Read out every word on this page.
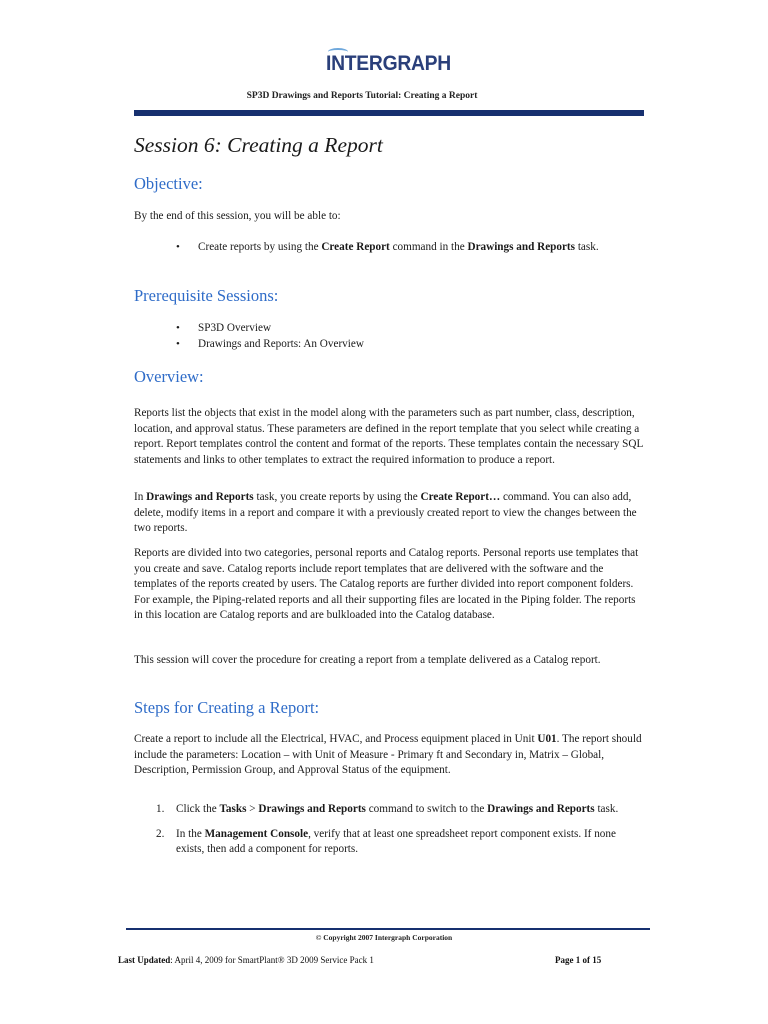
INTERGRAPH
SP3D Drawings and Reports Tutorial: Creating a Report
Session 6: Creating a Report
Objective:

By the end of this session, you will be able to:

• Create reports by using the Create Report command in the Drawings and Reports task.
Prerequisite Sessions:
• SP3D Overview
• Drawings and Reports: An Overview
Overview:

Reports list the objects that exist in the model along with the parameters such as part number, class, description, location, and approval status. These parameters are defined in the report template that you select while creating a report. Report templates control the content and format of the reports. These templates contain the necessary SQL statements and links to other templates to extract the required information to produce a report.

In Drawings and Reports task, you create reports by using the Create Report… command. You can also add, delete, modify items in a report and compare it with a previously created report to view the changes between the two reports.

Reports are divided into two categories, personal reports and Catalog reports. Personal reports use templates that you create and save. Catalog reports include report templates that are delivered with the software and the templates of the reports created by users. The Catalog reports are further divided into report component folders. For example, the Piping-related reports and all their supporting files are located in the Piping folder. The reports in this location are Catalog reports and are bulkloaded into the Catalog database.

This session will cover the procedure for creating a report from a template delivered as a Catalog report.

Steps for Creating a Report:

Create a report to include all the Electrical, HVAC, and Process equipment placed in Unit U01. The report should include the parameters: Location – with Unit of Measure - Primary ft and Secondary in, Matrix – Global, Description, Permission Group, and Approval Status of the equipment.

1. Click the Tasks > Drawings and Reports command to switch to the Drawings and Reports task.
2. In the Management Console, verify that at least one spreadsheet report component exists. If none exists, then add a component for reports.
© Copyright 2007 Intergraph Corporation
Last Updated: April 4, 2009 for SmartPlant® 3D 2009 Service Pack 1	Page 1 of 15
